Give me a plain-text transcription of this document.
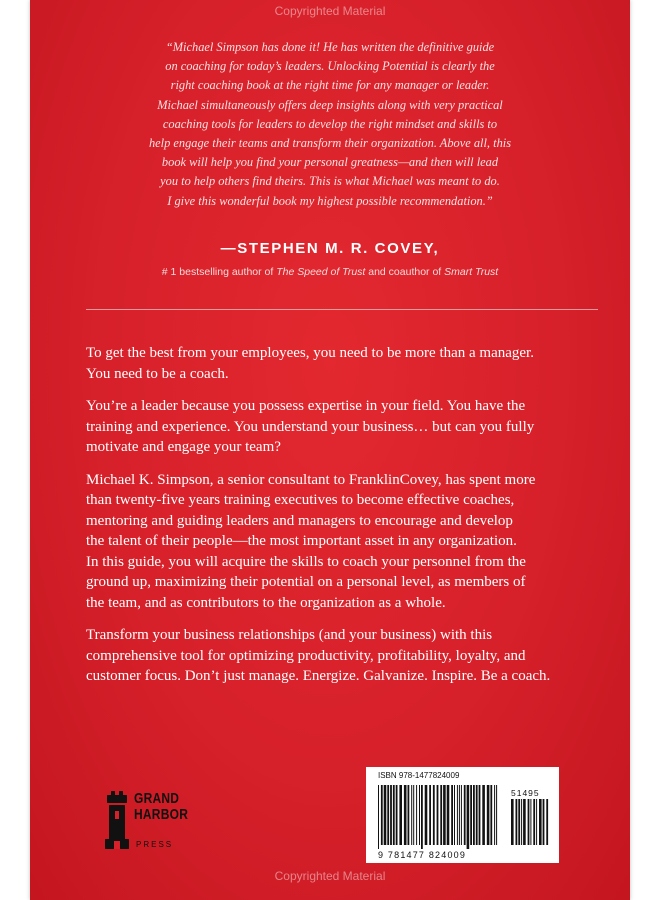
Copyrighted Material
“Michael Simpson has done it! He has written the definitive guide
on coaching for today’s leaders. Unlocking Potential is clearly the
right coaching book at the right time for any manager or leader.
Michael simultaneously offers deep insights along with very practical
coaching tools for leaders to develop the right mindset and skills to
help engage their teams and transform their organization. Above all, this
book will help you find your personal greatness—and then will lead
you to help others find theirs. This is what Michael was meant to do.
I give this wonderful book my highest possible recommendation.”
—STEPHEN M. R. COVEY,
# 1 bestselling author of The Speed of Trust and coauthor of Smart Trust

To get the best from your employees, you need to be more than a manager.
You need to be a coach.

You’re a leader because you possess expertise in your field. You have the
training and experience. You understand your business… but can you fully
motivate and engage your team?

Michael K. Simpson, a senior consultant to FranklinCovey, has spent more
than twenty-five years training executives to become effective coaches,
mentoring and guiding leaders and managers to encourage and develop
the talent of their people—the most important asset in any organization.
In this guide, you will acquire the skills to coach your personnel from the
ground up, maximizing their potential on a personal level, as members of
the team, and as contributors to the organization as a whole.

Transform your business relationships (and your business) with this
comprehensive tool for optimizing productivity, profitability, loyalty, and
customer focus. Don’t just manage. Energize. Galvanize. Inspire. Be a coach.

GRAND
HARBOR
PRESS
ISBN 978-1477824009
51495
9 781477 824009
Copyrighted Material
